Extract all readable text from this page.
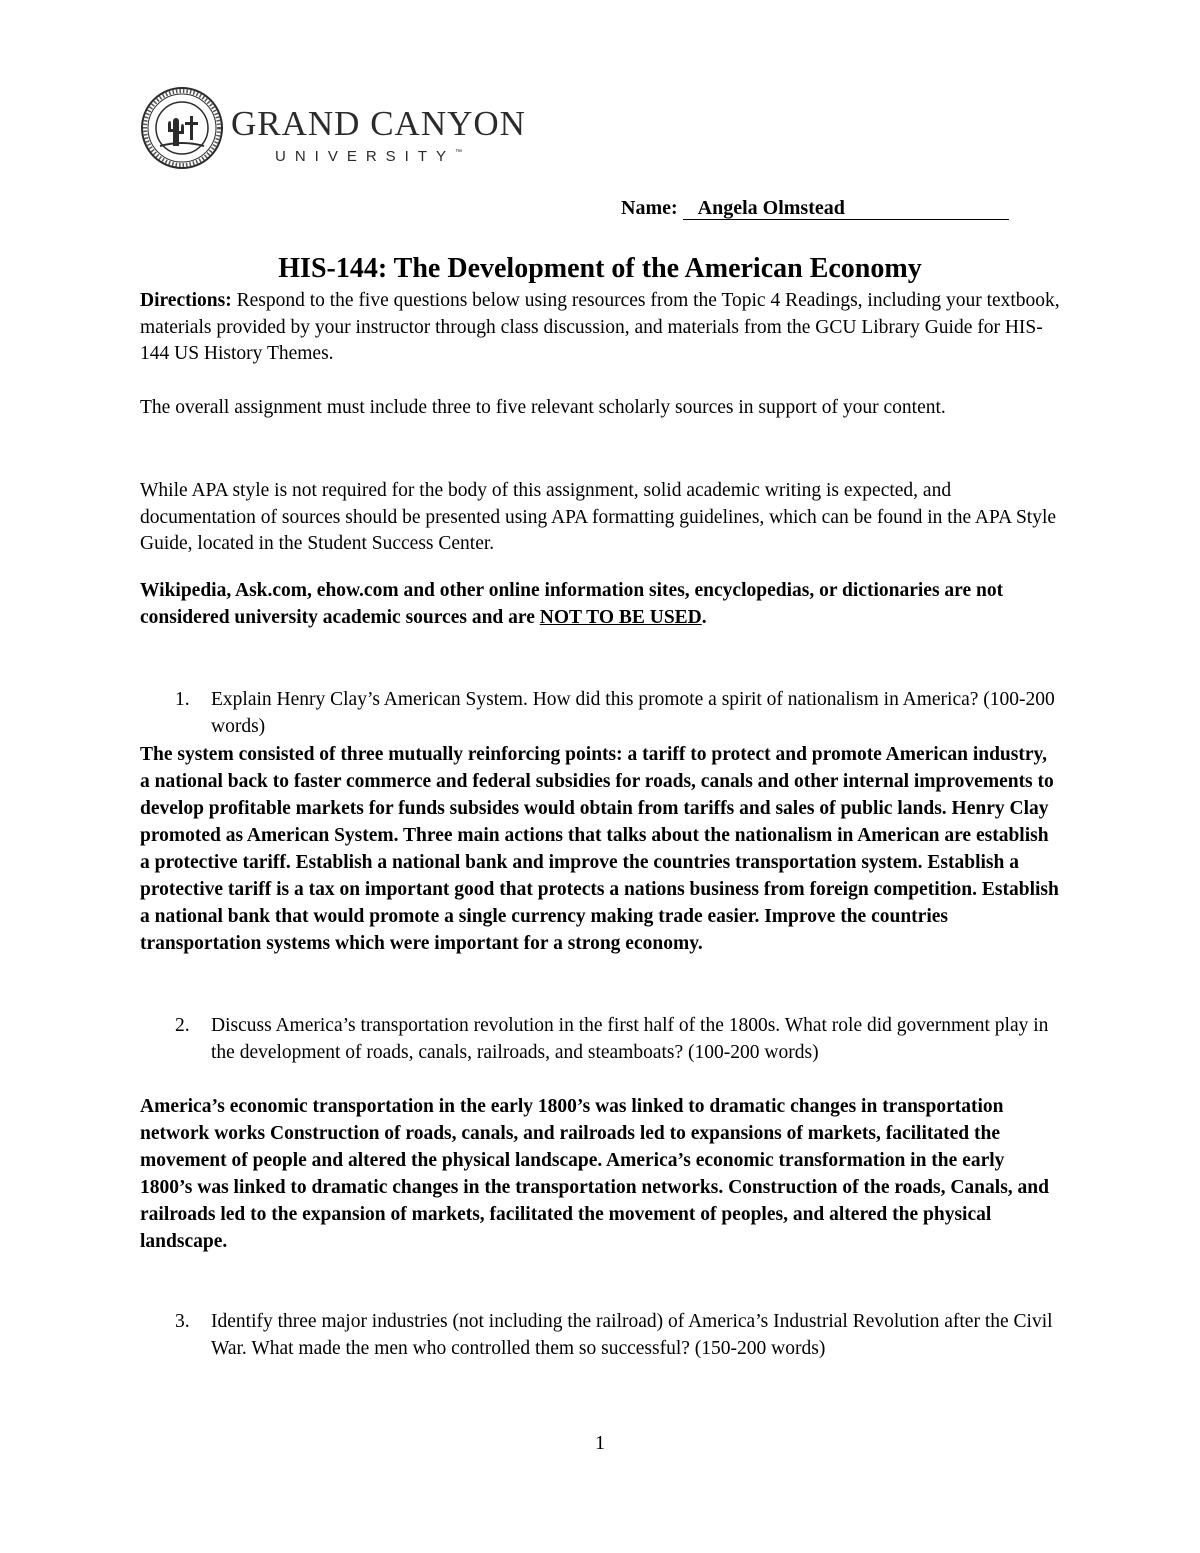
GRAND CANYON
UNIVERSITY™
Name: Angela Olmstead
HIS-144: The Development of the American Economy

Directions: Respond to the five questions below using resources from the Topic 4 Readings, including your textbook, materials provided by your instructor through class discussion, and materials from the GCU Library Guide for HIS-144 US History Themes.

The overall assignment must include three to five relevant scholarly sources in support of your content.

While APA style is not required for the body of this assignment, solid academic writing is expected, and documentation of sources should be presented using APA formatting guidelines, which can be found in the APA Style Guide, located in the Student Success Center.

Wikipedia, Ask.com, ehow.com and other online information sites, encyclopedias, or dictionaries are not considered university academic sources and are NOT TO BE USED.

1. Explain Henry Clay’s American System. How did this promote a spirit of nationalism in America? (100-200 words)
The system consisted of three mutually reinforcing points: a tariff to protect and promote American industry, a national back to faster commerce and federal subsidies for roads, canals and other internal improvements to develop profitable markets for funds subsides would obtain from tariffs and sales of public lands. Henry Clay promoted as American System. Three main actions that talks about the nationalism in American are establish a protective tariff. Establish a national bank and improve the countries transportation system. Establish a protective tariff is a tax on important good that protects a nations business from foreign competition. Establish a national bank that would promote a single currency making trade easier. Improve the countries transportation systems which were important for a strong economy.
2. Discuss America’s transportation revolution in the first half of the 1800s. What role did government play in the development of roads, canals, railroads, and steamboats? (100-200 words)
America’s economic transportation in the early 1800’s was linked to dramatic changes in transportation network works Construction of roads, canals, and railroads led to expansions of markets, facilitated the movement of people and altered the physical landscape. America’s economic transformation in the early 1800’s was linked to dramatic changes in the transportation networks. Construction of the roads, Canals, and railroads led to the expansion of markets, facilitated the movement of peoples, and altered the physical landscape.
3. Identify three major industries (not including the railroad) of America’s Industrial Revolution after the Civil War. What made the men who controlled them so successful? (150-200 words)
1
